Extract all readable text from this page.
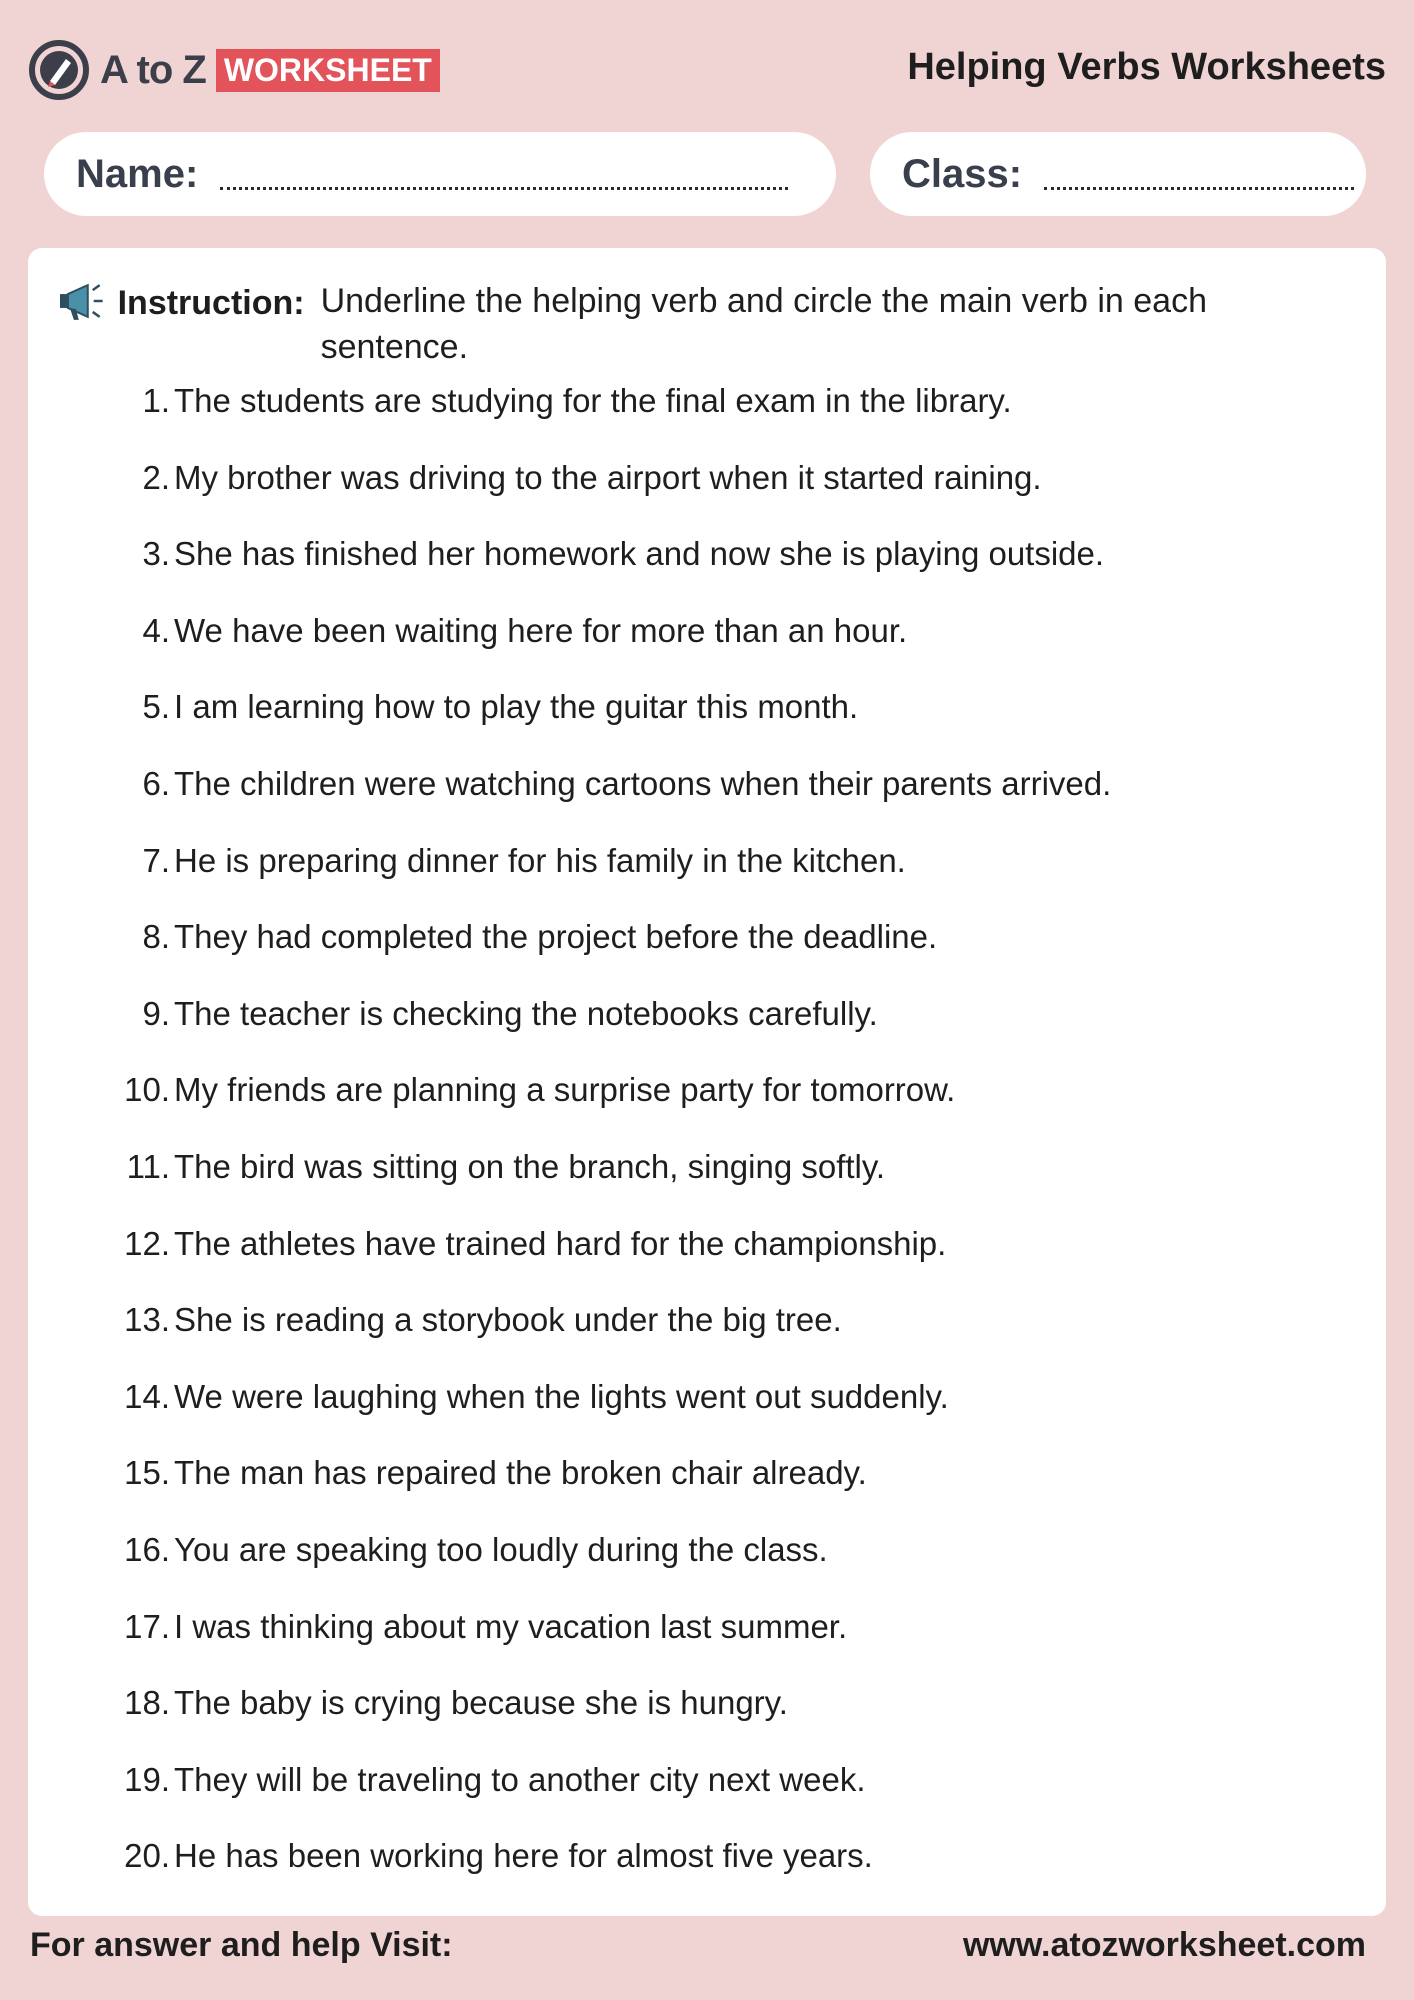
A to Z WORKSHEET	Helping Verbs Worksheets
Name:	Class:
Instruction: Underline the helping verb and circle the main verb in each sentence.
1. The students are studying for the final exam in the library.
2. My brother was driving to the airport when it started raining.
3. She has finished her homework and now she is playing outside.
4. We have been waiting here for more than an hour.
5. I am learning how to play the guitar this month.
6. The children were watching cartoons when their parents arrived.
7. He is preparing dinner for his family in the kitchen.
8. They had completed the project before the deadline.
9. The teacher is checking the notebooks carefully.
10. My friends are planning a surprise party for tomorrow.
11. The bird was sitting on the branch, singing softly.
12. The athletes have trained hard for the championship.
13. She is reading a storybook under the big tree.
14. We were laughing when the lights went out suddenly.
15. The man has repaired the broken chair already.
16. You are speaking too loudly during the class.
17. I was thinking about my vacation last summer.
18. The baby is crying because she is hungry.
19. They will be traveling to another city next week.
20. He has been working here for almost five years.
For answer and help Visit:	www.atozworksheet.com
